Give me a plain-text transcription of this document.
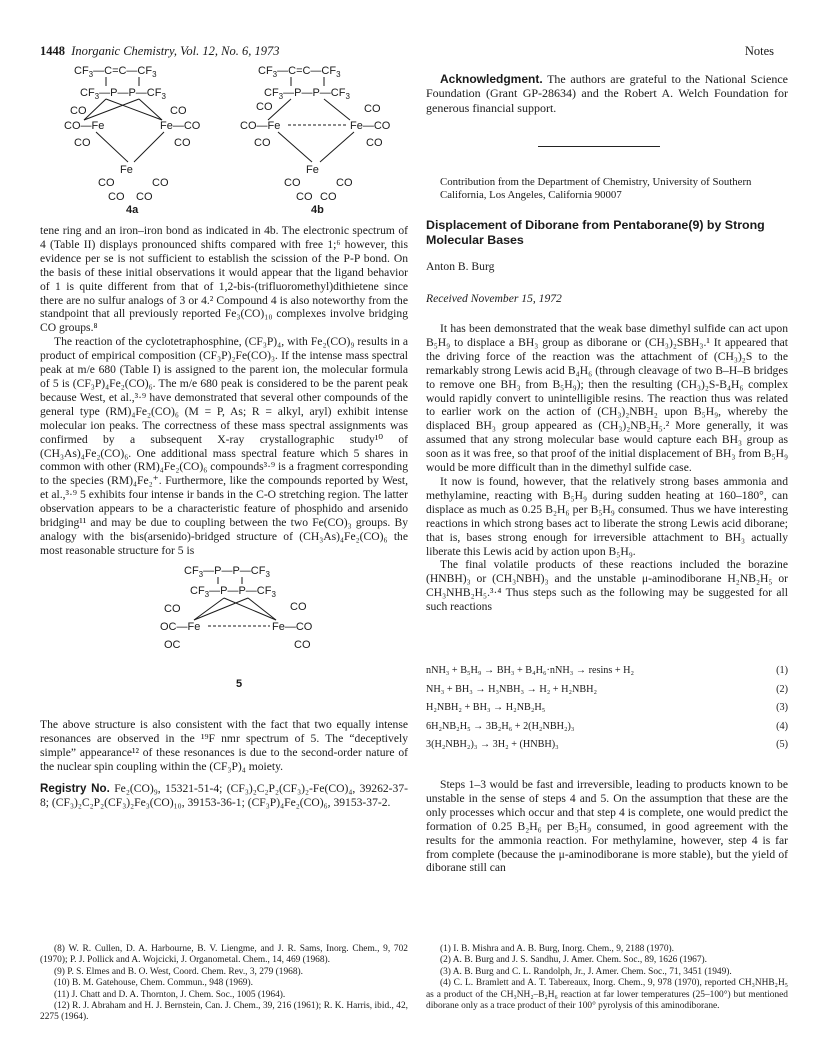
1448 Inorganic Chemistry, Vol. 12, No. 6, 1973	Notes
$CF_3—C=C—CF_3$
$CF_3—P—P—CF_3$
CO	CO
CO—Fe	Fe—CO
CO	CO
Fe
CO	CO
CO CO
4a
$CF_3—C=C—CF_3$
$CF_3—P—P—CF_3$
CO	CO
CO—Fe	Fe—CO
CO	CO
Fe
CO	CO
CO CO
4b

tene ring and an iron–iron bond as indicated in 4b. The electronic spectrum of 4 (Table II) displays pronounced shifts compared with free 1;⁶ however, this evidence per se is not sufficient to establish the scission of the P-P bond. On the basis of these initial observations it would appear that the ligand behavior of 1 is quite different from that of 1,2-bis-(trifluoromethyl)dithietene since there are no sulfur analogs of 3 or 4.² Compound 4 is also noteworthy from the standpoint that all previously reported Fe₃(CO)₁₀ complexes involve bridging CO groups.⁸

The reaction of the cyclotetraphosphine, (CF₃P)₄, with Fe₂(CO)₉ results in a product of empirical composition (CF₃P)₂Fe(CO)₃. If the intense mass spectral peak at m/e 680 (Table I) is assigned to the parent ion, the molecular formula of 5 is (CF₃P)₄Fe₂(CO)₆. The m/e 680 peak is considered to be the parent peak because West, et al.,³·⁹ have demonstrated that several other compounds of the general type (RM)₄Fe₂(CO)₆ (M = P, As; R = alkyl, aryl) exhibit intense molecular ion peaks. The correctness of these mass spectral assignments was confirmed by a subsequent X-ray crystallographic study¹⁰ of (CH₃As)₄Fe₂(CO)₆. One additional mass spectral feature which 5 shares in common with other (RM)₄Fe₂(CO)₆ compounds³·⁹ is a fragment corresponding to the species (RM)₄Fe₂⁺. Furthermore, like the compounds reported by West, et al.,³·⁹ 5 exhibits four intense ir bands in the C-O stretching region. The latter observation appears to be a characteristic feature of phosphido and arsenido bridging¹¹ and may be due to coupling between the two Fe(CO)₃ groups. By analogy with the bis(arsenido)-bridged structure of (CH₃As)₄Fe₂(CO)₆ the most reasonable structure for 5 is

$CF_3—P—P—CF_3$
$CF_3—P—P—CF_3$
CO	CO
OC—Fe	Fe—CO
OC	CO
5

The above structure is also consistent with the fact that two equally intense resonances are observed in the ¹⁹F nmr spectrum of 5. The “deceptively simple” appearance¹² of these resonances is due to the second-order nature of the nuclear spin coupling within the (CF₃P)₄ moiety.

Registry No. Fe₂(CO)₉, 15321-51-4; (CF₃)₂C₂P₂(CF₃)₂-Fe(CO)₄, 39262-37-8; (CF₃)₂C₂P₂(CF₃)₂Fe₃(CO)₁₀, 39153-36-1; (CF₃P)₄Fe₂(CO)₆, 39153-37-2.

(8) W. R. Cullen, D. A. Harbourne, B. V. Liengme, and J. R. Sams, Inorg. Chem., 9, 702 (1970); P. J. Pollick and A. Wojcicki, J. Organometal. Chem., 14, 469 (1968).
(9) P. S. Elmes and B. O. West, Coord. Chem. Rev., 3, 279 (1968).
(10) B. M. Gatehouse, Chem. Commun., 948 (1969).
(11) J. Chatt and D. A. Thornton, J. Chem. Soc., 1005 (1964).
(12) R. J. Abraham and H. J. Bernstein, Can. J. Chem., 39, 216 (1961); R. K. Harris, ibid., 42, 2275 (1964).
Acknowledgment. The authors are grateful to the National Science Foundation (Grant GP-28634) and the Robert A. Welch Foundation for generous financial support.
Contribution from the Department of Chemistry, University of Southern California, Los Angeles, California 90007
Displacement of Diborane from Pentaborane(9) by Strong Molecular Bases
Anton B. Burg
Received November 15, 1972

It has been demonstrated that the weak base dimethyl sulfide can act upon B₅H₉ to displace a BH₃ group as diborane or (CH₃)₂SBH₃.¹ It appeared that the driving force of the reaction was the attachment of (CH₃)₂S to the remarkably strong Lewis acid B₄H₆ (through cleavage of two B–H–B bridges to remove one BH₃ from B₅H₉); then the resulting (CH₃)₂S-B₄H₆ complex would rapidly convert to unintelligible resins. The reaction thus was related to earlier work on the action of (CH₃)₂NBH₂ upon B₅H₉, whereby the displaced BH₃ group appeared as (CH₃)₂NB₂H₅.² More generally, it was assumed that any strong molecular base would capture each BH₃ group as soon as it was free, so that proof of the initial displacement of BH₃ from B₅H₉ would be more difficult than in the dimethyl sulfide case.

It now is found, however, that the relatively strong bases ammonia and methylamine, reacting with B₅H₉ during sudden heating at 160–180°, can displace as much as 0.25 B₂H₆ per B₅H₉ consumed. Thus we have interesting reactions in which strong bases act to liberate the strong Lewis acid diborane; that is, bases strong enough for irreversible attachment to BH₃ actually liberate this Lewis acid by action upon B₅H₉.

The final volatile products of these reactions included the borazine (HNBH)₃ or (CH₃NBH)₃ and the unstable μ-aminodiborane H₂NB₂H₅ or CH₃NHB₂H₅.³·⁴ Thus steps such as the following may be suggested for all such reactions

nNH₃ + B₅H₉ → BH₃ + B₄H₆·nNH₃ → resins + H₂	(1)
NH₃ + BH₃ → H₃NBH₃ → H₂ + H₂NBH₂	(2)
H₂NBH₂ + BH₃ → H₂NB₂H₅	(3)
6H₂NB₂H₅ → 3B₂H₆ + 2(H₂NBH₂)₃	(4)
3(H₂NBH₂)₃ → 3H₂ + (HNBH)₃	(5)

Steps 1–3 would be fast and irreversible, leading to products known to be unstable in the sense of steps 4 and 5. On the assumption that these are the only processes which occur and that step 4 is complete, one would predict the formation of 0.25 B₂H₆ per B₅H₉ consumed, in good agreement with the results for the ammonia reaction. For methylamine, however, step 4 is far from complete (because the μ-aminodiborane is more stable), but the yield of diborane still can

(1) I. B. Mishra and A. B. Burg, Inorg. Chem., 9, 2188 (1970).
(2) A. B. Burg and J. S. Sandhu, J. Amer. Chem. Soc., 89, 1626 (1967).
(3) A. B. Burg and C. L. Randolph, Jr., J. Amer. Chem. Soc., 71, 3451 (1949).
(4) C. L. Bramlett and A. T. Tabereaux, Inorg. Chem., 9, 978 (1970), reported CH₃NHB₂H₅ as a product of the CH₃NH₂–B₂H₆ reaction at far lower temperatures (25–100°) but mentioned diborane only as a trace product of their 100° pyrolysis of this aminodiborane.
